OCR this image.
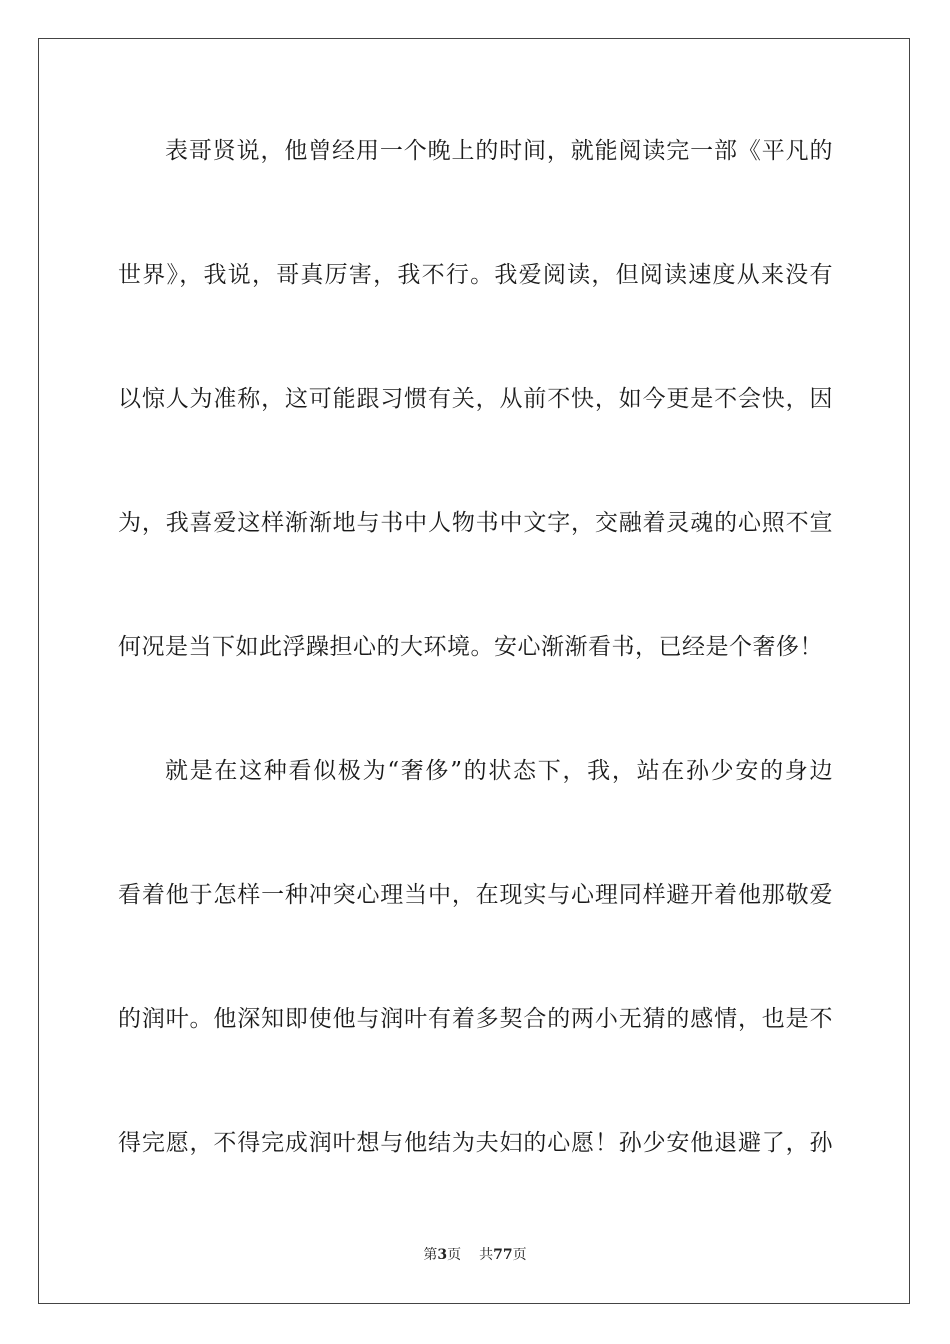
表哥贤说，他曾经用一个晚上的时间，就能阅读完一部《平凡的
世界》，我说，哥真厉害，我不行。我爱阅读，但阅读速度从来没有
以惊人为准称，这可能跟习惯有关，从前不快，如今更是不会快，因
为，我喜爱这样渐渐地与书中人物书中文字，交融着灵魂的心照不宣
何况是当下如此浮躁担心的大环境。安心渐渐看书，已经是个奢侈！
就是在这种看似极为“奢侈”的状态下，我，站在孙少安的身边
看着他于怎样一种冲突心理当中，在现实与心理同样避开着他那敬爱
的润叶。他深知即使他与润叶有着多契合的两小无猜的感情，也是不
得完愿，不得完成润叶想与他结为夫妇的心愿！孙少安他退避了，孙
第3页 共77页
